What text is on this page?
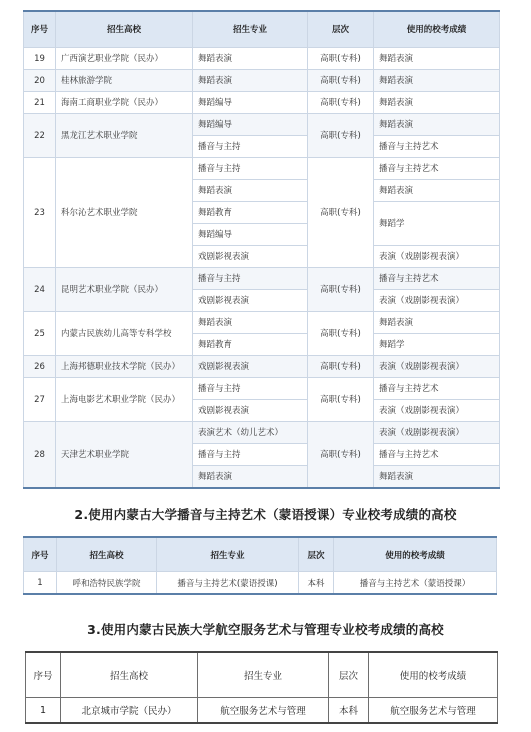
序号	招生高校	招生专业	层次	使用的校考成绩
19	广西演艺职业学院（民办）	舞蹈表演	高职(专科)	舞蹈表演
20	桂林旅游学院	舞蹈表演	高职(专科)	舞蹈表演
21	海南工商职业学院（民办）	舞蹈编导	高职(专科)	舞蹈表演
22	黑龙江艺术职业学院	舞蹈编导	高职(专科)	舞蹈表演
		播音与主持		播音与主持艺术
23	科尔沁艺术职业学院	播音与主持	高职(专科)	播音与主持艺术
		舞蹈表演		舞蹈表演
		舞蹈教育		舞蹈学
		舞蹈编导		
		戏剧影视表演		表演（戏剧影视表演）
24	昆明艺术职业学院（民办）	播音与主持	高职(专科)	播音与主持艺术
		戏剧影视表演		表演（戏剧影视表演）
25	内蒙古民族幼儿高等专科学校	舞蹈表演	高职(专科)	舞蹈表演
		舞蹈教育		舞蹈学
26	上海邦德职业技术学院（民办）	戏剧影视表演	高职(专科)	表演（戏剧影视表演）
27	上海电影艺术职业学院（民办）	播音与主持	高职(专科)	播音与主持艺术
		戏剧影视表演		表演（戏剧影视表演）
28	天津艺术职业学院	表演艺术（幼儿艺术）	高职(专科)	表演（戏剧影视表演）
		播音与主持		播音与主持艺术
		舞蹈表演		舞蹈表演
2.使用内蒙古大学播音与主持艺术（蒙语授课）专业校考成绩的高校
序号	招生高校	招生专业	层次	使用的校考成绩
1	呼和浩特民族学院	播音与主持艺术(蒙语授课)	本科	播音与主持艺术（蒙语授课）
3.使用内蒙古民族大学航空服务艺术与管理专业校考成绩的高校
序号	招生高校	招生专业	层次	使用的校考成绩
1	北京城市学院（民办）	航空服务艺术与管理	本科	航空服务艺术与管理
